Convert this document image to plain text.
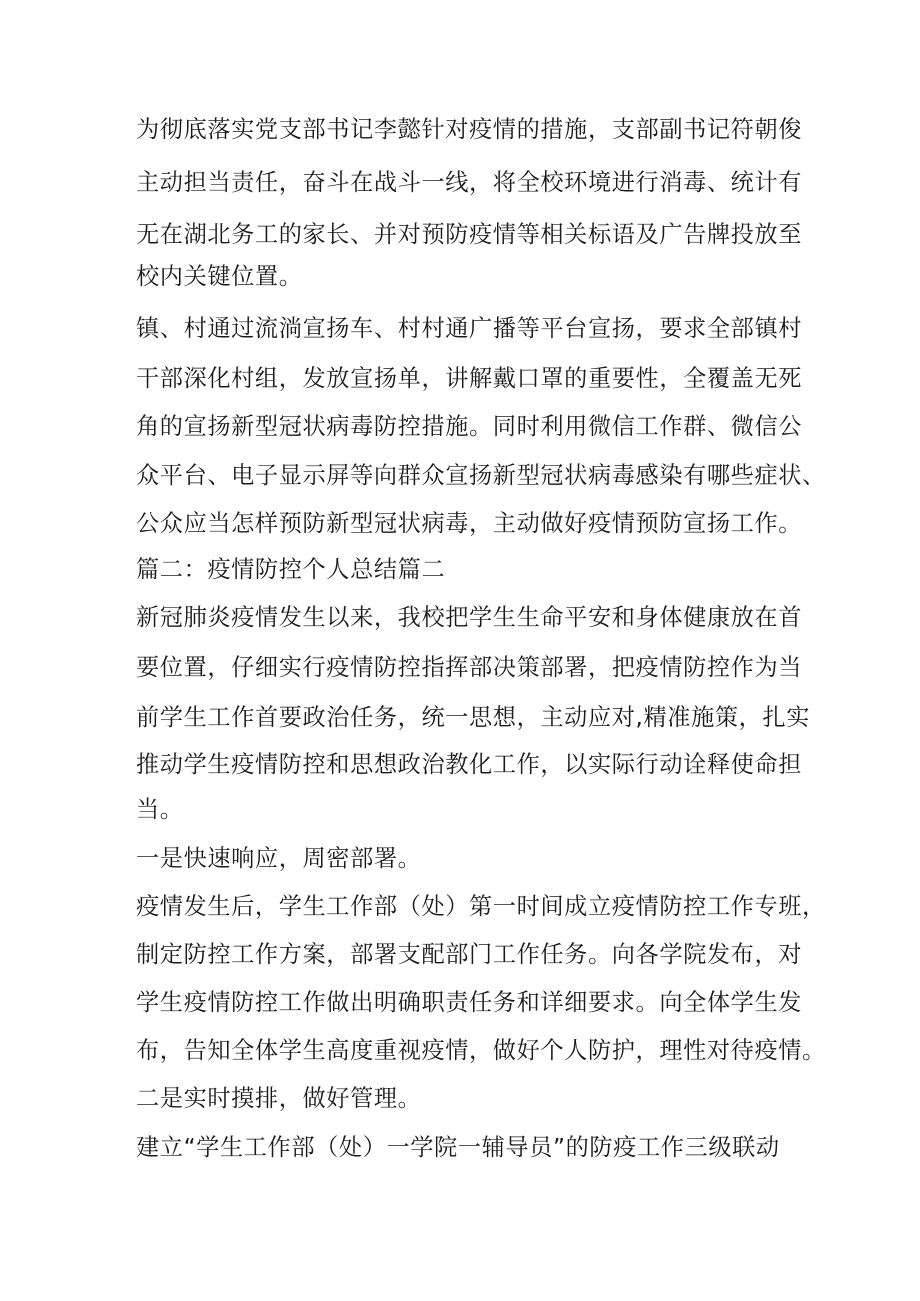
为彻底落实党支部书记李懿针对疫情的措施，支部副书记符朝俊
主动担当责任，奋斗在战斗一线，将全校环境进行消毒、统计有
无在湖北务工的家长、并对预防疫情等相关标语及广告牌投放至
校内关键位置。
镇、村通过流淌宣扬车、村村通广播等平台宣扬，要求全部镇村
干部深化村组，发放宣扬单，讲解戴口罩的重要性，全覆盖无死
角的宣扬新型冠状病毒防控措施。同时利用微信工作群、微信公
众平台、电子显示屏等向群众宣扬新型冠状病毒感染有哪些症状、
公众应当怎样预防新型冠状病毒，主动做好疫情预防宣扬工作。
篇二：疫情防控个人总结篇二
新冠肺炎疫情发生以来，我校把学生生命平安和身体健康放在首
要位置，仔细实行疫情防控指挥部决策部署，把疫情防控作为当
前学生工作首要政治任务，统一思想，主动应对,精准施策，扎实
推动学生疫情防控和思想政治教化工作，以实际行动诠释使命担
当。
一是快速响应，周密部署。
疫情发生后，学生工作部（处）第一时间成立疫情防控工作专班，
制定防控工作方案，部署支配部门工作任务。向各学院发布，对
学生疫情防控工作做出明确职责任务和详细要求。向全体学生发
布，告知全体学生高度重视疫情，做好个人防护，理性对待疫情。
二是实时摸排，做好管理。
建立“学生工作部（处）一学院一辅导员”的防疫工作三级联动
